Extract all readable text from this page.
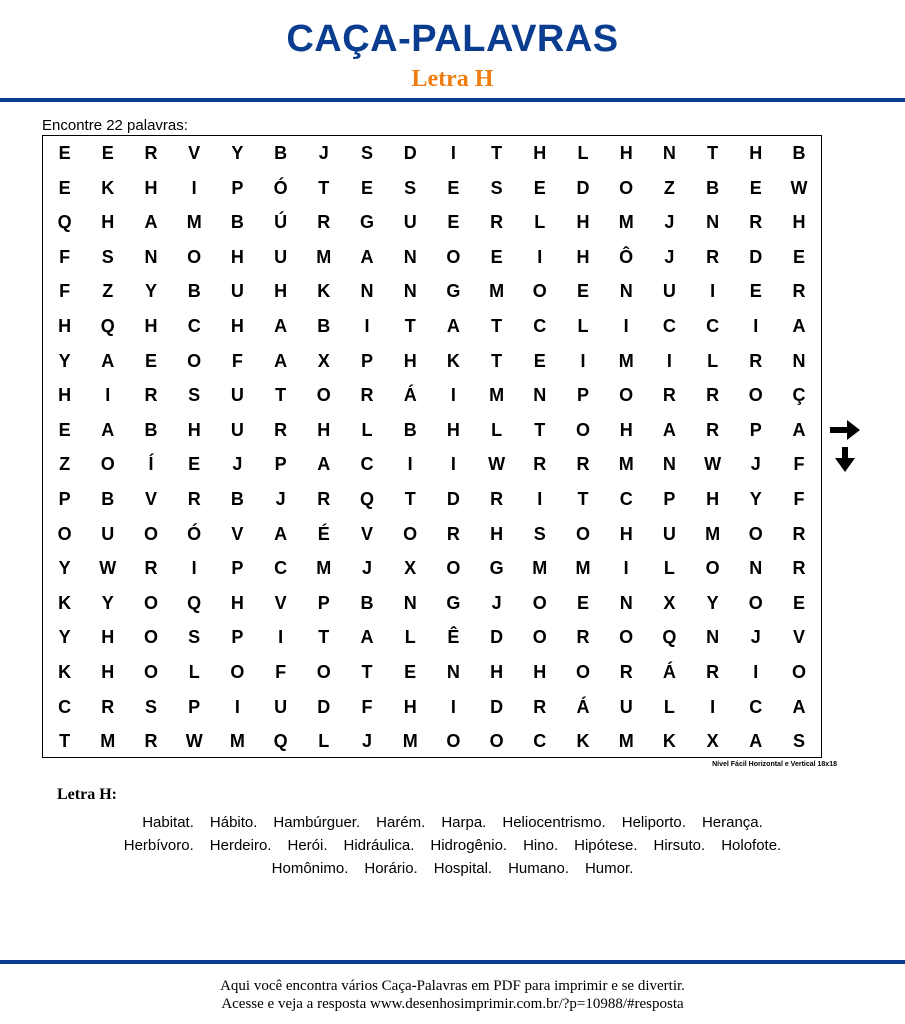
CAÇA-PALAVRAS
Letra H
Encontre 22 palavras:
E	E	R	V	Y	B	J	S	D	I	T	H	L	H	N	T	H	B
E	K	H	I	P	Ó	T	E	S	E	S	E	D	O	Z	B	E	W
Q	H	A	M	B	Ú	R	G	U	E	R	L	H	M	J	N	R	H
F	S	N	O	H	U	M	A	N	O	E	I	H	Ô	J	R	D	E
F	Z	Y	B	U	H	K	N	N	G	M	O	E	N	U	I	E	R
H	Q	H	C	H	A	B	I	T	A	T	C	L	I	C	C	I	A
Y	A	E	O	F	A	X	P	H	K	T	E	I	M	I	L	R	N
H	I	R	S	U	T	O	R	Á	I	M	N	P	O	R	R	O	Ç
E	A	B	H	U	R	H	L	B	H	L	T	O	H	A	R	P	A
Z	O	Í	E	J	P	A	C	I	I	W	R	R	M	N	W	J	F
P	B	V	R	B	J	R	Q	T	D	R	I	T	C	P	H	Y	F
O	U	O	Ó	V	A	É	V	O	R	H	S	O	H	U	M	O	R
Y	W	R	I	P	C	M	J	X	O	G	M	M	I	L	O	N	R
K	Y	O	Q	H	V	P	B	N	G	J	O	E	N	X	Y	O	E
Y	H	O	S	P	I	T	A	L	Ê	D	O	R	O	Q	N	J	V
K	H	O	L	O	F	O	T	E	N	H	H	O	R	Á	R	I	O
C	R	S	P	I	U	D	F	H	I	D	R	Á	U	L	I	C	A
T	M	R	W	M	Q	L	J	M	O	O	C	K	M	K	X	A	S
Nível Fácil Horizontal e Vertical 18x18
Letra H:
Habitat. Hábito. Hambúrguer. Harém. Harpa. Heliocentrismo. Heliporto. Herança.
Herbívoro. Herdeiro. Herói. Hidráulica. Hidrogênio. Hino. Hipótese. Hirsuto. Holofote.
Homônimo. Horário. Hospital. Humano. Humor.
Aqui você encontra vários Caça-Palavras em PDF para imprimir e se divertir.
Acesse e veja a resposta www.desenhosimprimir.com.br/?p=10988/#resposta
